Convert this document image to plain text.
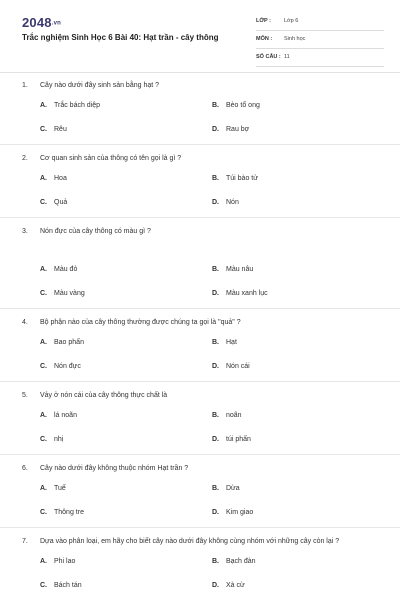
2048.vn
Trắc nghiệm Sinh Học 6 Bài 40: Hạt trần - cây thông
LỚP : Lớp 6
MÔN : Sinh học
SỐ CÂU : 11
1. Cây nào dưới đây sinh sản bằng hạt ?
A. Trắc bách diệp	B. Bèo tổ ong
C. Rêu	D. Rau bợ
2. Cơ quan sinh sản của thông có tên gọi là gì ?
A. Hoa	B. Túi bào tử
C. Quả	D. Nón
3. Nón đực của cây thông có màu gì ?
A. Màu đỏ	B. Màu nâu
C. Màu vàng	D. Màu xanh lục
4. Bộ phận nào của cây thông thường được chúng ta gọi là "quả" ?
A. Bao phấn	B. Hạt
C. Nón đực	D. Nón cái
5. Vảy ở nón cái của cây thông thực chất là
A. lá noãn	B. noãn
C. nhị	D. túi phấn
6. Cây nào dưới đây không thuộc nhóm Hạt trần ?
A. Tuế	B. Dừa
C. Thông tre	D. Kim giao
7. Dựa vào phân loại, em hãy cho biết cây nào dưới đây không cùng nhóm với những cây còn lại ?
A. Phi lao	B. Bạch đàn
C. Bách tán	D. Xà cừ
